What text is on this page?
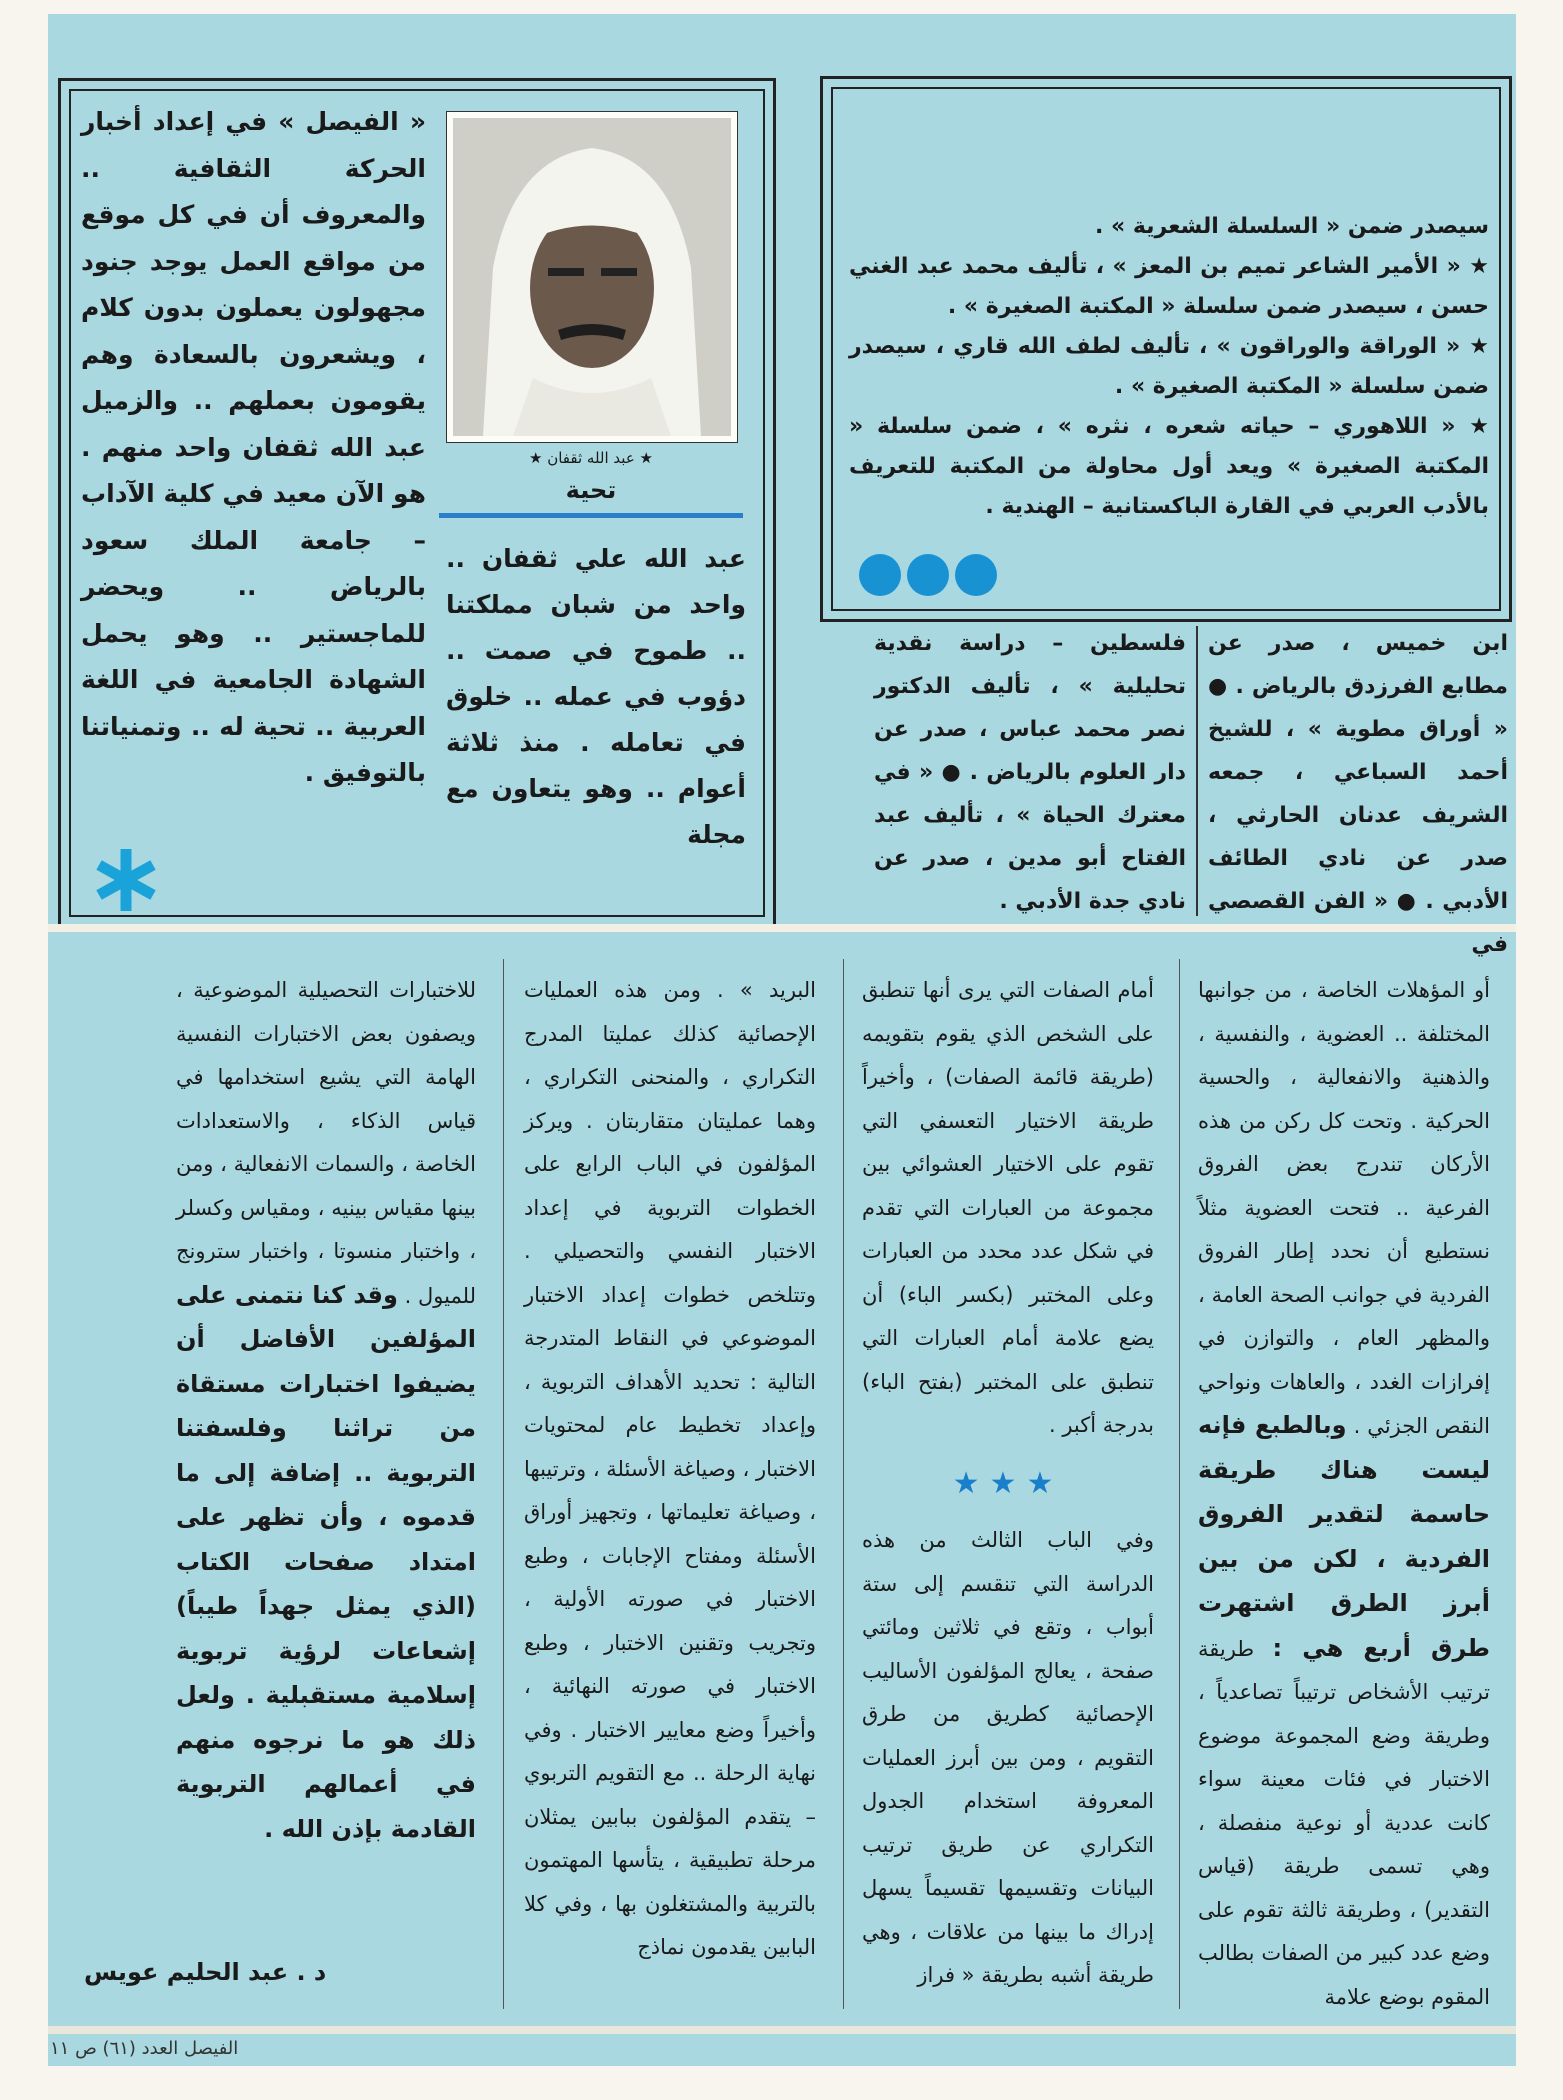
★ عبد الله ثقفان ★
تحية
عبد الله علي ثقفان .. واحد من شبان مملكتنا .. طموح في صمت .. دؤوب في عمله .. خلوق في تعامله . منذ ثلاثة أعوام .. وهو يتعاون مع مجلة
« الفيصل » في إعداد أخبار الحركة الثقافية .. والمعروف أن في كل موقع من مواقع العمل يوجد جنود مجهولون يعملون بدون كلام ، ويشعرون بالسعادة وهم يقومون بعملهم .. والزميل عبد الله ثقفان واحد منهم . هو الآن معيد في كلية الآداب – جامعة الملك سعود بالرياض .. ويحضر للماجستير .. وهو يحمل الشهادة الجامعية في اللغة العربية .. تحية له .. وتمنياتنا بالتوفيق .
سيصدر ضمن « السلسلة الشعرية » .
★ « الأمير الشاعر تميم بن المعز » ، تأليف محمد عبد الغني حسن ، سيصدر ضمن سلسلة « المكتبة الصغيرة » .
★ « الوراقة والوراقون » ، تأليف لطف الله قاري ، سيصدر ضمن سلسلة « المكتبة الصغيرة » .
★ « اللاهوري – حياته شعره ، نثره » ، ضمن سلسلة « المكتبة الصغيرة » ويعد أول محاولة من المكتبة للتعريف بالأدب العربي في القارة الباكستانية – الهندية .
ابن خميس ، صدر عن مطابع الفرزدق بالرياض . ● « أوراق مطوية » ، للشيخ أحمد السباعي ، جمعه الشريف عدنان الحارثي ، صدر عن نادي الطائف الأدبي . ● « الفن القصصي في
فلسطين – دراسة نقدية تحليلية » ، تأليف الدكتور نصر محمد عباس ، صدر عن دار العلوم بالرياض . ● « في معترك الحياة » ، تأليف عبد الفتاح أبو مدين ، صدر عن نادي جدة الأدبي .
أو المؤهلات الخاصة ، من جوانبها المختلفة .. العضوية ، والنفسية ، والذهنية والانفعالية ، والحسية الحركية . وتحت كل ركن من هذه الأركان تندرج بعض الفروق الفرعية .. فتحت العضوية مثلاً نستطيع أن نحدد إطار الفروق الفردية في جوانب الصحة العامة ، والمظهر العام ، والتوازن في إفرازات الغدد ، والعاهات ونواحي النقص الجزئي . وبالطبع فإنه ليست هناك طريقة حاسمة لتقدير الفروق الفردية ، لكن من بين أبرز الطرق اشتهرت طرق أربع هي : طريقة ترتيب الأشخاص ترتيباً تصاعدياً ، وطريقة وضع المجموعة موضوع الاختبار في فئات معينة سواء كانت عددية أو نوعية منفصلة ، وهي تسمى طريقة (قياس التقدير) ، وطريقة ثالثة تقوم على وضع عدد كبير من الصفات بطالب المقوم بوضع علامة
أمام الصفات التي يرى أنها تنطبق على الشخص الذي يقوم بتقويمه (طريقة قائمة الصفات) ، وأخيراً طريقة الاختيار التعسفي التي تقوم على الاختيار العشوائي بين مجموعة من العبارات التي تقدم في شكل عدد محدد من العبارات وعلى المختبر (بكسر الباء) أن يضع علامة أمام العبارات التي تنطبق على المختبر (بفتح الباء) بدرجة أكبر .
★★★
وفي الباب الثالث من هذه الدراسة التي تنقسم إلى ستة أبواب ، وتقع في ثلاثين ومائتي صفحة ، يعالج المؤلفون الأساليب الإحصائية كطريق من طرق التقويم ، ومن بين أبرز العمليات المعروفة استخدام الجدول التكراري عن طريق ترتيب البيانات وتقسيمها تقسيماً يسهل إدراك ما بينها من علاقات ، وهي طريقة أشبه بطريقة « فراز
البريد » . ومن هذه العمليات الإحصائية كذلك عمليتا المدرج التكراري ، والمنحنى التكراري ، وهما عمليتان متقاربتان . ويركز المؤلفون في الباب الرابع على الخطوات التربوية في إعداد الاختبار النفسي والتحصيلي . وتتلخص خطوات إعداد الاختبار الموضوعي في النقاط المتدرجة التالية : تحديد الأهداف التربوية ، وإعداد تخطيط عام لمحتويات الاختبار ، وصياغة الأسئلة ، وترتيبها ، وصياغة تعليماتها ، وتجهيز أوراق الأسئلة ومفتاح الإجابات ، وطبع الاختبار في صورته الأولية ، وتجريب وتقنين الاختبار ، وطبع الاختبار في صورته النهائية ، وأخيراً وضع معايير الاختبار . وفي نهاية الرحلة .. مع التقويم التربوي – يتقدم المؤلفون ببابين يمثلان مرحلة تطبيقية ، يتأسها المهتمون بالتربية والمشتغلون بها ، وفي كلا البابين يقدمون نماذج
للاختبارات التحصيلية الموضوعية ، ويصفون بعض الاختبارات النفسية الهامة التي يشيع استخدامها في قياس الذكاء ، والاستعدادات الخاصة ، والسمات الانفعالية ، ومن بينها مقياس بينيه ، ومقياس وكسلر ، واختبار منسوتا ، واختبار سترونج للميول . وقد كنا نتمنى على المؤلفين الأفاضل أن يضيفوا اختبارات مستقاة من تراثنا وفلسفتنا التربوية .. إضافة إلى ما قدموه ، وأن تظهر على امتداد صفحات الكتاب (الذي يمثل جهداً طيباً) إشعاعات لرؤية تربوية إسلامية مستقبلية . ولعل ذلك هو ما نرجوه منهم في أعمالهم التربوية القادمة بإذن الله .
د . عبد الحليم عويس
الفيصل العدد (٦١) ص ١١
